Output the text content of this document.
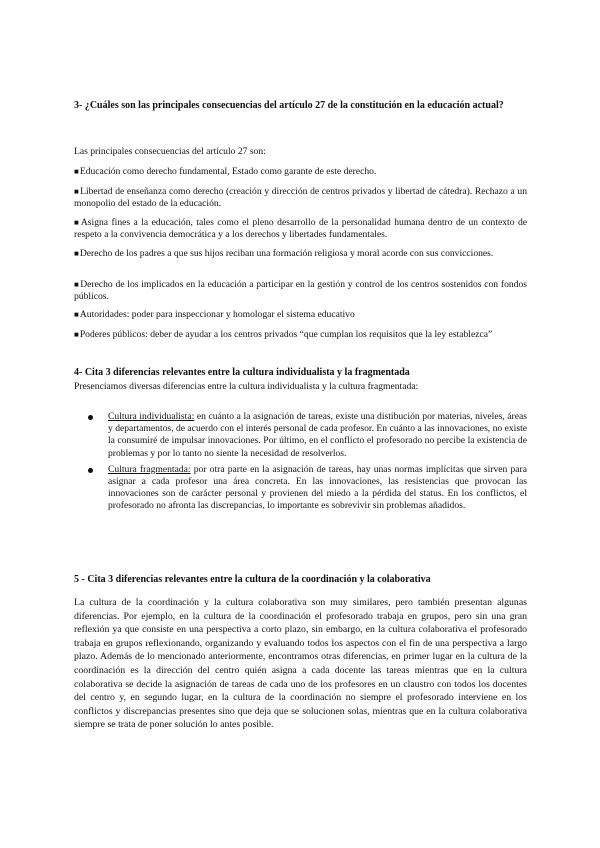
3- ¿Cuáles son las principales consecuencias del artículo 27 de la constitución en la educación actual?
Las principales consecuencias del artículo 27 son:
■Educación como derecho fundamental, Estado como garante de este derecho.
■Libertad de enseñanza como derecho (creación y dirección de centros privados y libertad de cátedra). Rechazo a un monopolio del estado de la educación.
■Asigna fines a la educación, tales como el pleno desarrollo de la personalidad humana dentro de un contexto de respeto a la convivencia democrática y a los derechos y libertades fundamentales.
■Derecho de los padres a que sus hijos reciban una formación religiosa y moral acorde con sus convicciones.
■Derecho de los implicados en la educación a participar en la gestión y control de los centros sostenidos con fondos públicos.
■Autoridades: poder para inspeccionar y homologar el sistema educativo
■Poderes públicos: deber de ayudar a los centros privados “que cumplan los requisitos que la ley establezca”
4- Cita 3 diferencias relevantes entre la cultura individualista y la fragmentada
Presenciamos diversas diferencias entre la cultura individualista y la cultura fragmentada:
Cultura individualista: en cuánto a la asignación de tareas, existe una distibución por materias, niveles, áreas y departamentos, de acuerdo con el interés personal de cada profesor. En cuánto a las innovaciones, no existe la consumiré de impulsar innovaciones. Por último, en el conflicto el profesorado no percibe la existencia de problemas y por lo tanto no siente la necesidad de resolverlos.
Cultura fragmentada: por otra parte en la asignación de tareas, hay unas normas implícitas que sirven para asignar a cada profesor una área concreta. En las innovaciones, las resistencias que provocan las innovaciones son de carácter personal y provienen del miedo a la pérdida del status. En los conflictos, el profesorado no afronta las discrepancias, lo importante es sobrevivir sin problemas añadidos.
5 - Cita 3 diferencias relevantes entre la cultura de la coordinación y la colaborativa
La cultura de la coordinación y la cultura colaborativa son muy similares, pero también presentan algunas diferencias. Por ejemplo, en la cultura de la coordinación el profesorado trabaja en grupos, pero sin una gran reflexión ya que consiste en una perspectiva a corto plazo, sin embargo, en la cultura colaborativa el profesorado trabaja en grupos reflexionando, organizando y evaluando todos los aspectos con el fin de una perspectiva a largo plazo. Además de lo mencionado anteriormente, encontramos otras diferencias, en primer lugar en la cultura de la coordinación es la dirección del centro quién asigna a cada docente las tareas mientras que en la cultura colaborativa se decide la asignación de tareas de cada uno de los profesores en un claustro con todos los docentes del centro y, en segundo lugar, en la cultura de la coordinación no siempre el profesorado interviene en los conflictos y discrepancias presentes sino que deja que se solucionen solas, mientras que en la cultura colaborativa siempre se trata de poner solución lo antes posible.
